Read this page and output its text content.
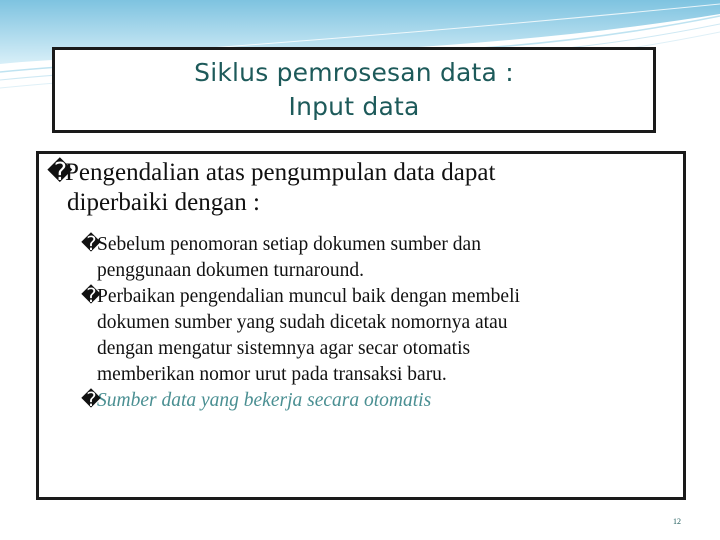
Siklus pemrosesan data :
Input data
�Pengendalian atas pengumpulan data dapat
diperbaiki dengan :
�
Sebelum penomoran setiap dokumen sumber dan
penggunaan dokumen turnaround.
�
Perbaikan pengendalian muncul baik dengan membeli
dokumen sumber yang sudah dicetak nomornya atau
dengan mengatur sistemnya agar secar otomatis
memberikan nomor urut pada transaksi baru.
�
Sumber data yang bekerja secara otomatis
12
